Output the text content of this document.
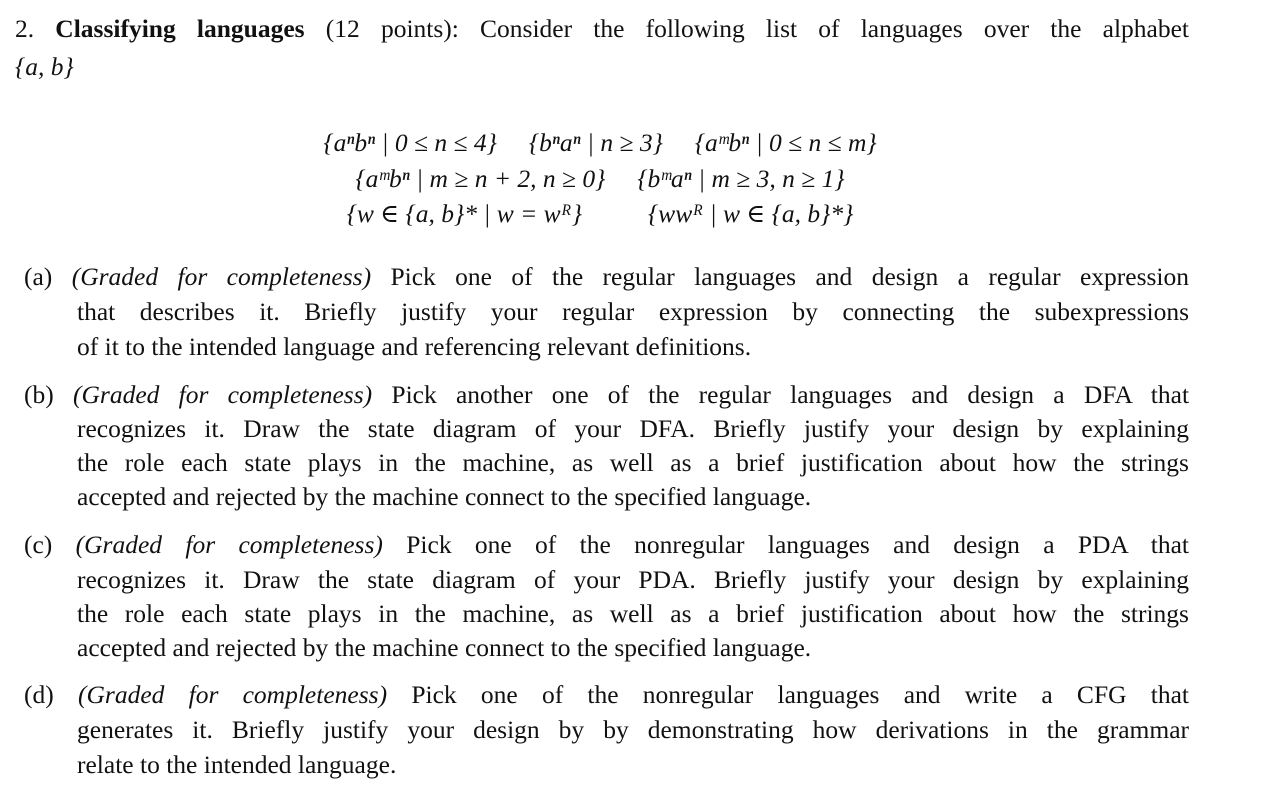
2. Classifying languages (12 points): Consider the following list of languages over the alphabet
{a, b}
{aⁿbⁿ | 0 ≤ n ≤ 4} {bⁿaⁿ | n ≥ 3} {aᵐbⁿ | 0 ≤ n ≤ m}
{aᵐbⁿ | m ≥ n + 2, n ≥ 0} {bᵐaⁿ | m ≥ 3, n ≥ 1}
{w ∈ {a, b}* | w = wᴿ}	{wwᴿ | w ∈ {a, b}*}
(a) (Graded for completeness) Pick one of the regular languages and design a regular expression
that describes it. Briefly justify your regular expression by connecting the subexpressions
of it to the intended language and referencing relevant definitions.
(b) (Graded for completeness) Pick another one of the regular languages and design a DFA that
recognizes it. Draw the state diagram of your DFA. Briefly justify your design by explaining
the role each state plays in the machine, as well as a brief justification about how the strings
accepted and rejected by the machine connect to the specified language.
(c) (Graded for completeness) Pick one of the nonregular languages and design a PDA that
recognizes it. Draw the state diagram of your PDA. Briefly justify your design by explaining
the role each state plays in the machine, as well as a brief justification about how the strings
accepted and rejected by the machine connect to the specified language.
(d) (Graded for completeness) Pick one of the nonregular languages and write a CFG that
generates it. Briefly justify your design by by demonstrating how derivations in the grammar
relate to the intended language.
